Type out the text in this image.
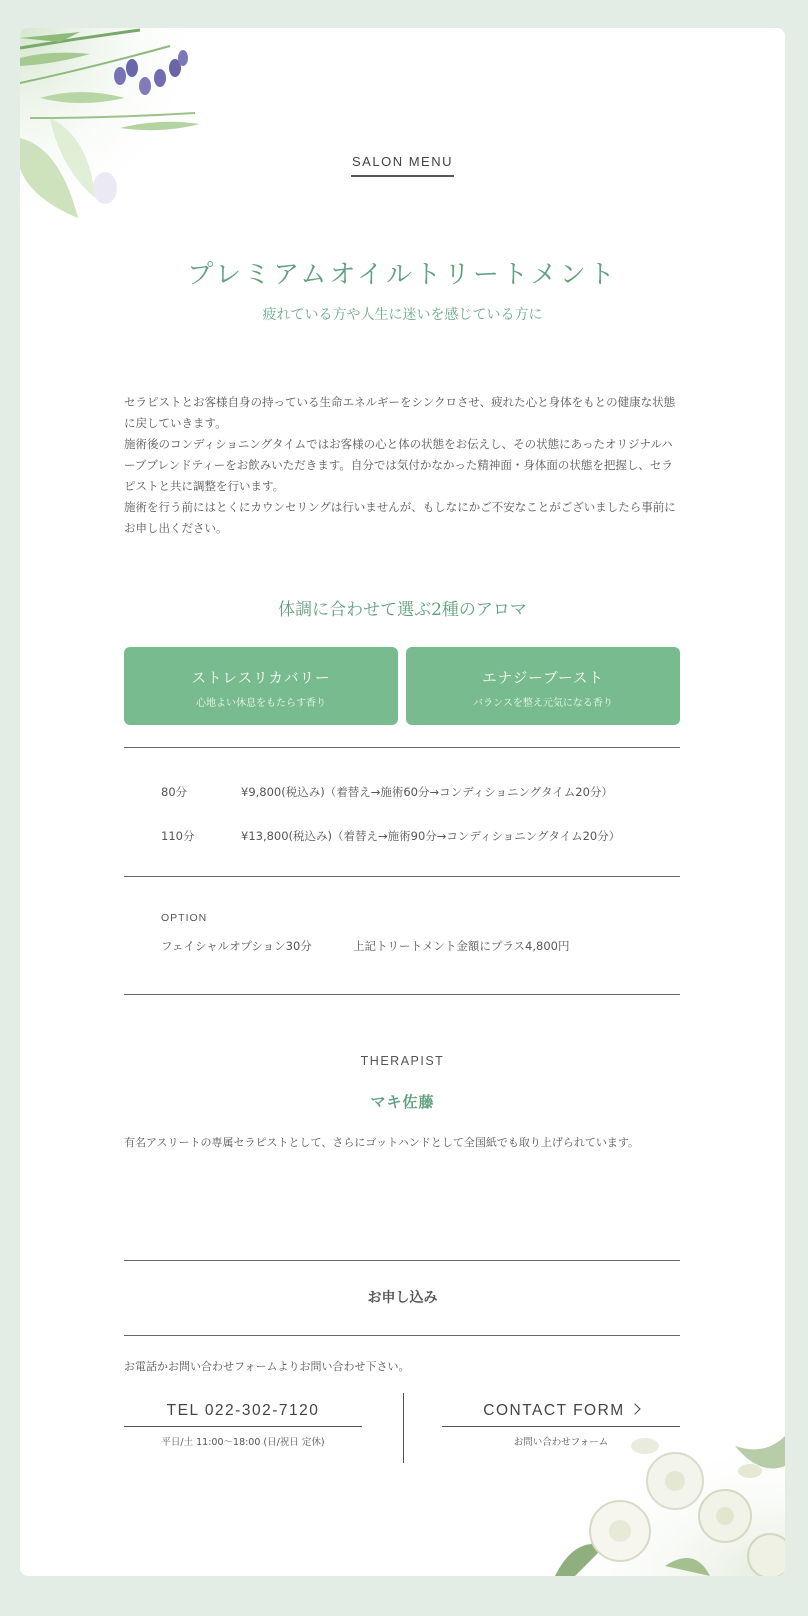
SALON MENU
プレミアムオイルトリートメント
疲れている方や人生に迷いを感じている方に

セラピストとお客様自身の持っている生命エネルギーをシンクロさせ、疲れた心と身体をもとの健康な状態に戻していきます。

施術後のコンディショニングタイムではお客様の心と体の状態をお伝えし、その状態にあったオリジナルハーブブレンドティーをお飲みいただきます。自分では気付かなかった精神面・身体面の状態を把握し、セラピストと共に調整を行います。

施術を行う前にはとくにカウンセリングは行いませんが、もしなにかご不安なことがございましたら事前にお申し出ください。

体調に合わせて選ぶ2種のアロマ
ストレスリカバリー
心地よい休息をもたらす香り
エナジーブースト
バランスを整え元気になる香り
80分	¥9,800(税込み)（着替え→施術60分→コンディショニングタイム20分）
110分	¥13,800(税込み)（着替え→施術90分→コンディショニングタイム20分）
OPTION
フェイシャルオプション30分	上記トリートメント金額にプラス4,800円
THERAPIST
マキ佐藤
有名アスリートの専属セラピストとして、さらにゴットハンドとして全国紙でも取り上げられています。
お申し込み
お電話かお問い合わせフォームよりお問い合わせ下さい。
TEL 022-302-7120
平日/土 11:00〜18:00 (日/祝日 定休)
CONTACT FORM
お問い合わせフォーム
